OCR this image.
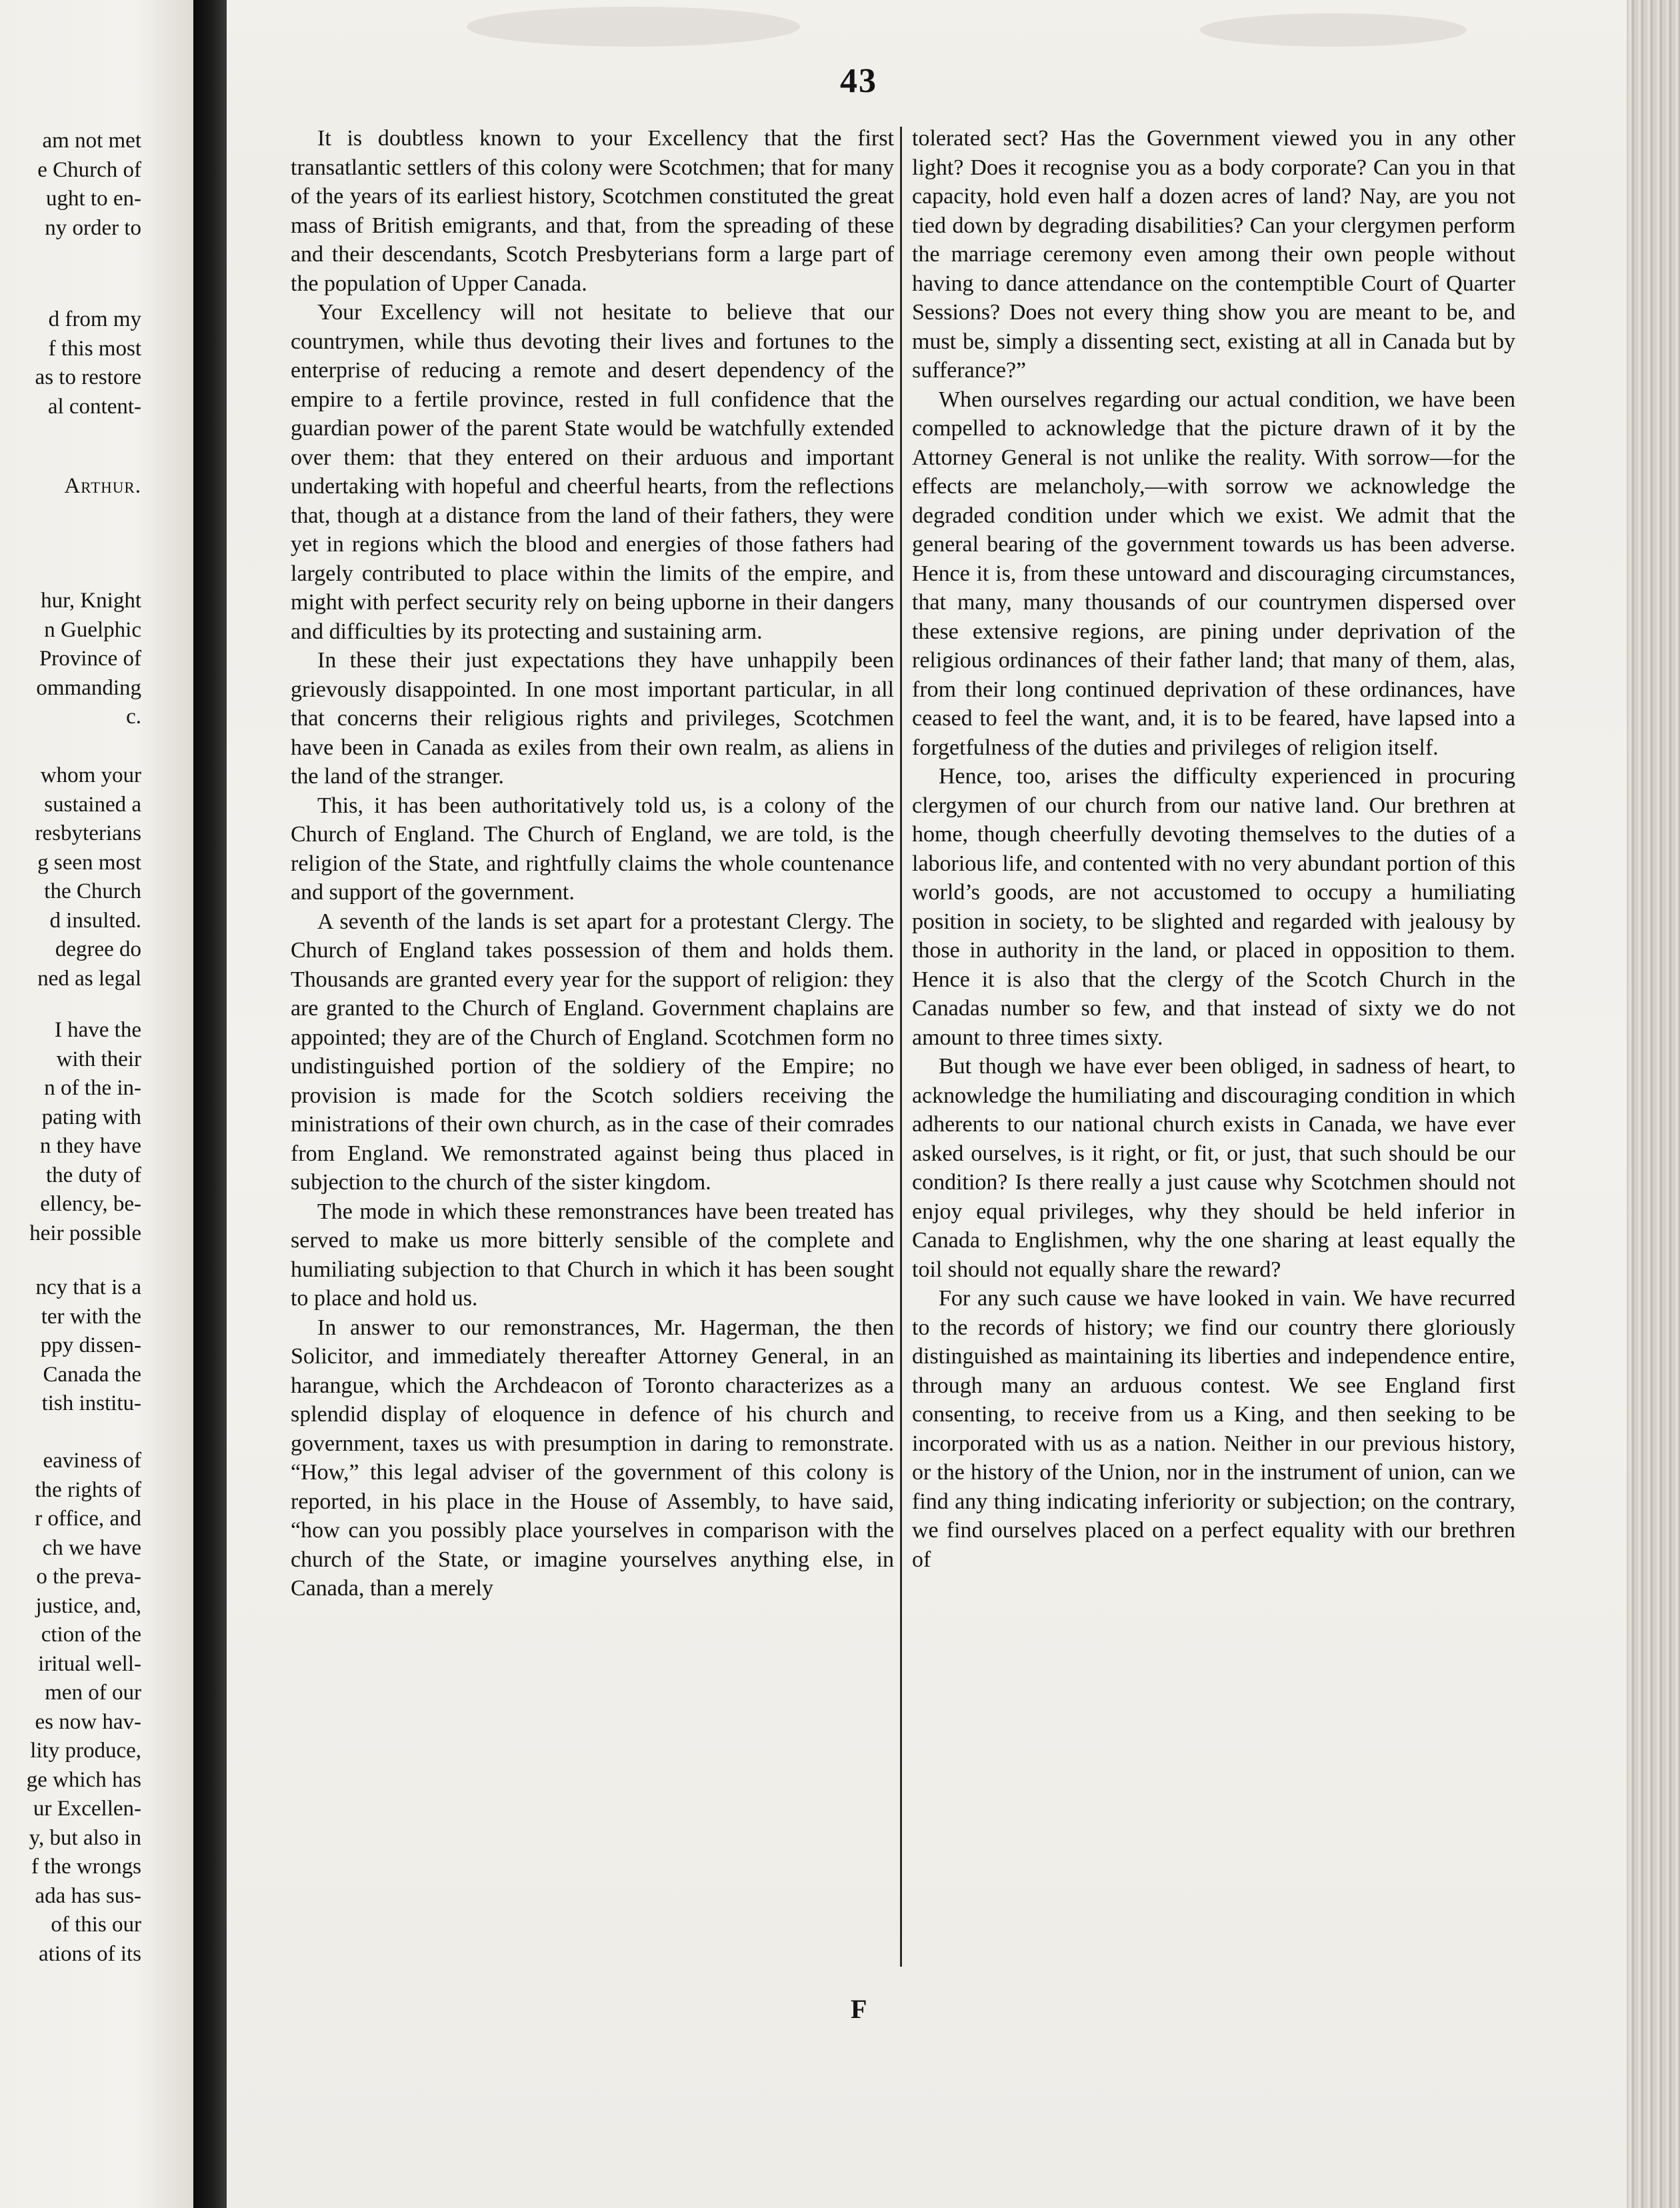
am not met
e Church of
ught to en-
ny order to
d from my
f this most
as to restore
al content-
Arthur.
hur, Knight
n Guelphic
Province of
ommanding
c.
whom your
sustained a
resbyterians
g seen most
the Church
d insulted.
degree do
ned as legal
I have the
with their
n of the in-
pating with
n they have
the duty of
ellency, be-
heir possible
ncy that is a
ter with the
ppy dissen-
Canada the
tish institu-
eaviness of
the rights of
r office, and
ch we have
o the preva-
justice, and,
ction of the
iritual well-
men of our
es now hav-
lity produce,
ge which has
ur Excellen-
y, but also in
f the wrongs
ada has sus-
of this our
ations of its
43

It is doubtless known to your Excellency that the first transatlantic settlers of this colony were Scotchmen; that for many of the years of its earliest history, Scotchmen constituted the great mass of British emigrants, and that, from the spreading of these and their descendants, Scotch Presbyterians form a large part of the population of Upper Canada.

Your Excellency will not hesitate to believe that our countrymen, while thus devoting their lives and fortunes to the enterprise of reducing a remote and desert dependency of the empire to a fertile province, rested in full confidence that the guardian power of the parent State would be watchfully extended over them: that they entered on their arduous and important undertaking with hopeful and cheerful hearts, from the reflections that, though at a distance from the land of their fathers, they were yet in regions which the blood and energies of those fathers had largely contributed to place within the limits of the empire, and might with perfect security rely on being upborne in their dangers and difficulties by its protecting and sustaining arm.

In these their just expectations they have unhappily been grievously disappointed. In one most important particular, in all that concerns their religious rights and privileges, Scotchmen have been in Canada as exiles from their own realm, as aliens in the land of the stranger.

This, it has been authoritatively told us, is a colony of the Church of England. The Church of England, we are told, is the religion of the State, and rightfully claims the whole countenance and support of the government.

A seventh of the lands is set apart for a protestant Clergy. The Church of England takes possession of them and holds them. Thousands are granted every year for the support of religion: they are granted to the Church of England. Government chaplains are appointed; they are of the Church of England. Scotchmen form no undistinguished portion of the soldiery of the Empire; no provision is made for the Scotch soldiers receiving the ministrations of their own church, as in the case of their comrades from England. We remonstrated against being thus placed in subjection to the church of the sister kingdom.

The mode in which these remonstrances have been treated has served to make us more bitterly sensible of the complete and humiliating subjection to that Church in which it has been sought to place and hold us.

In answer to our remonstrances, Mr. Hagerman, the then Solicitor, and immediately thereafter Attorney General, in an harangue, which the Archdeacon of Toronto characterizes as a splendid display of eloquence in defence of his church and government, taxes us with presumption in daring to remonstrate. “How,” this legal adviser of the government of this colony is reported, in his place in the House of Assembly, to have said, “how can you possibly place yourselves in comparison with the church of the State, or imagine yourselves anything else, in Canada, than a merely

tolerated sect? Has the Government viewed you in any other light? Does it recognise you as a body corporate? Can you in that capacity, hold even half a dozen acres of land? Nay, are you not tied down by degrading disabilities? Can your clergymen perform the marriage ceremony even among their own people without having to dance attendance on the contemptible Court of Quarter Sessions? Does not every thing show you are meant to be, and must be, simply a dissenting sect, existing at all in Canada but by sufferance?”

When ourselves regarding our actual condition, we have been compelled to acknowledge that the picture drawn of it by the Attorney General is not unlike the reality. With sorrow—for the effects are melancholy,—with sorrow we acknowledge the degraded condition under which we exist. We admit that the general bearing of the government towards us has been adverse. Hence it is, from these untoward and discouraging circumstances, that many, many thousands of our countrymen dispersed over these extensive regions, are pining under deprivation of the religious ordinances of their father land; that many of them, alas, from their long continued deprivation of these ordinances, have ceased to feel the want, and, it is to be feared, have lapsed into a forgetfulness of the duties and privileges of religion itself.

Hence, too, arises the difficulty experienced in procuring clergymen of our church from our native land. Our brethren at home, though cheerfully devoting themselves to the duties of a laborious life, and contented with no very abundant portion of this world’s goods, are not accustomed to occupy a humiliating position in society, to be slighted and regarded with jealousy by those in authority in the land, or placed in opposition to them. Hence it is also that the clergy of the Scotch Church in the Canadas number so few, and that instead of sixty we do not amount to three times sixty.

But though we have ever been obliged, in sadness of heart, to acknowledge the humiliating and discouraging condition in which adherents to our national church exists in Canada, we have ever asked ourselves, is it right, or fit, or just, that such should be our condition? Is there really a just cause why Scotchmen should not enjoy equal privileges, why they should be held inferior in Canada to Englishmen, why the one sharing at least equally the toil should not equally share the reward?

For any such cause we have looked in vain. We have recurred to the records of history; we find our country there gloriously distinguished as maintaining its liberties and independence entire, through many an arduous contest. We see England first consenting, to receive from us a King, and then seeking to be incorporated with us as a nation. Neither in our previous history, or the history of the Union, nor in the instrument of union, can we find any thing indicating inferiority or subjection; on the contrary, we find ourselves placed on a perfect equality with our brethren of

F
